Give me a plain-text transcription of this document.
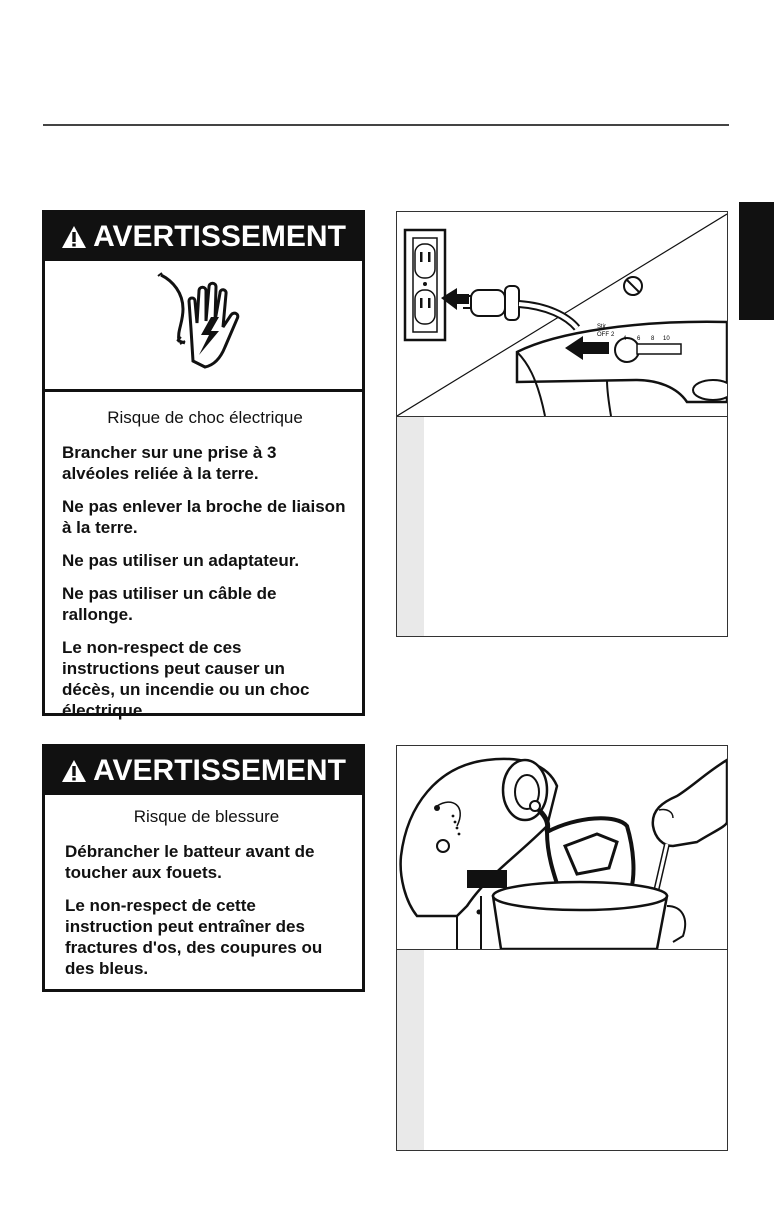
AVERTISSEMENT
Risque de choc électrique
Brancher sur une prise à 3 alvéoles reliée à la terre.
Ne pas enlever la broche de liaison à la terre.
Ne pas utiliser un adaptateur.
Ne pas utiliser un câble de rallonge.
Le non-respect de ces instructions peut causer un décès, un incendie ou un choc électrique.
AVERTISSEMENT
Risque de blessure
Débrancher le batteur avant de toucher aux fouets.
Le non-respect de cette instruction peut entraîner des fractures d'os, des coupures ou des bleus.
Stir
OFF 2
4 6 8 10
